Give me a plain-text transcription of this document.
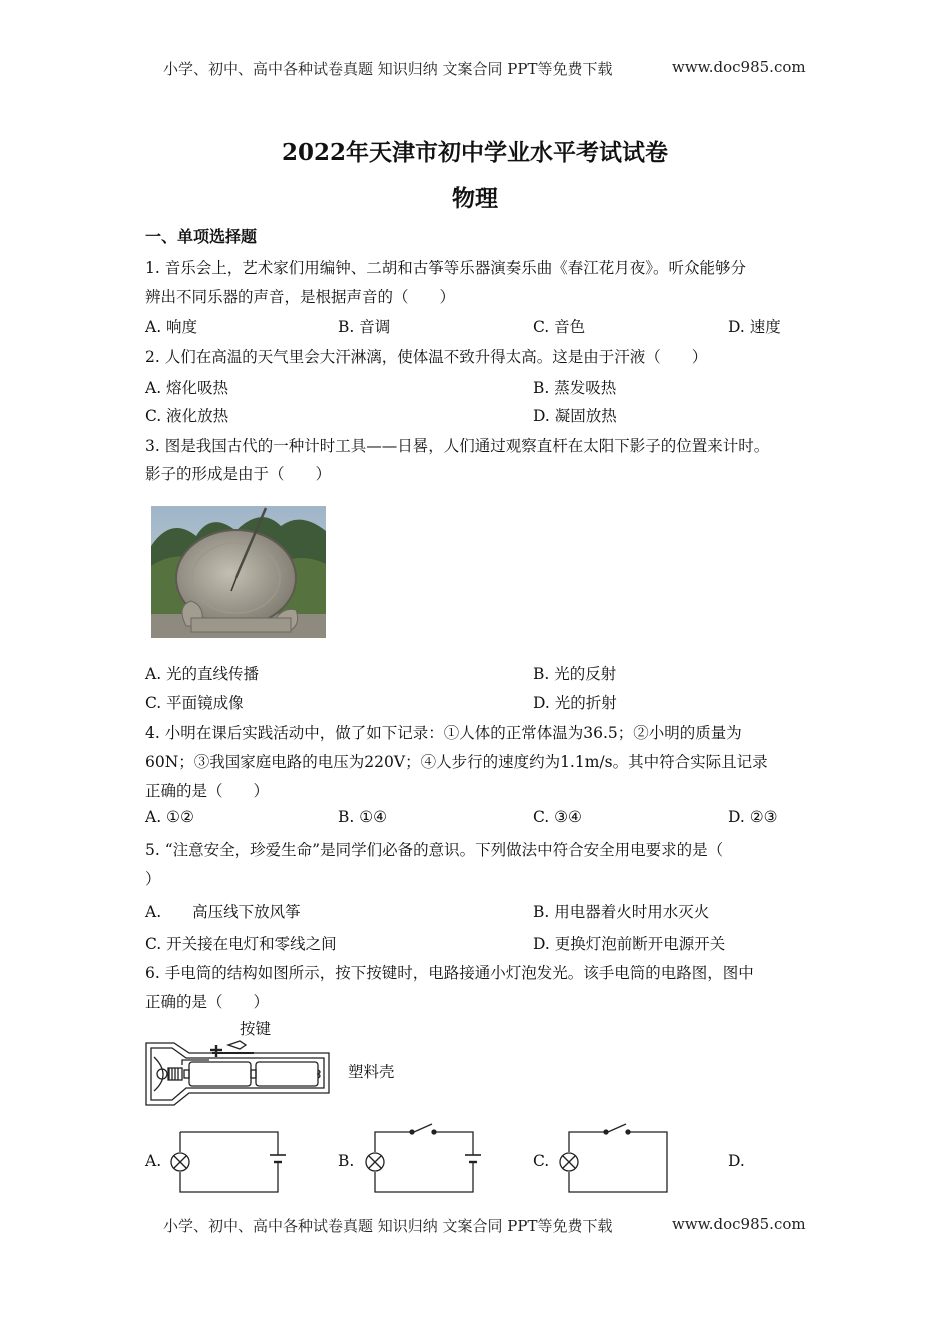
小学、初中、高中各种试卷真题 知识归纳 文案合同 PPT等免费下载	www.doc985.com
2022年天津市初中学业水平考试试卷
物理
一、单项选择题
1. 音乐会上，艺术家们用编钟、二胡和古筝等乐器演奏乐曲《春江花月夜》。听众能够分
辨出不同乐器的声音，是根据声音的（　　）
A. 响度	B. 音调	C. 音色	D. 速度
2. 人们在高温的天气里会大汗淋漓，使体温不致升得太高。这是由于汗液（　　）
A. 熔化吸热	B. 蒸发吸热
C. 液化放热	D. 凝固放热
3. 图是我国古代的一种计时工具——日晷，人们通过观察直杆在太阳下影子的位置来计时。
影子的形成是由于（　　）
A. 光的直线传播	B. 光的反射
C. 平面镜成像	D. 光的折射
4. 小明在课后实践活动中，做了如下记录：①人体的正常体温为36.5；②小明的质量为
60N；③我国家庭电路的电压为220V；④人步行的速度约为1.1m/s。其中符合实际且记录
正确的是（　　）
A. ①②	B. ①④	C. ③④	D. ②③
5. “注意安全，珍爱生命”是同学们必备的意识。下列做法中符合安全用电要求的是（
）
A.　　高压线下放风筝	B. 用电器着火时用水灭火
C. 开关接在电灯和零线之间	D. 更换灯泡前断开电源开关
6. 手电筒的结构如图所示，按下按键时，电路接通小灯泡发光。该手电筒的电路图，图中
正确的是（　　）
按键
塑料壳
A.	B.	C.	D.
小学、初中、高中各种试卷真题 知识归纳 文案合同 PPT等免费下载	www.doc985.com
